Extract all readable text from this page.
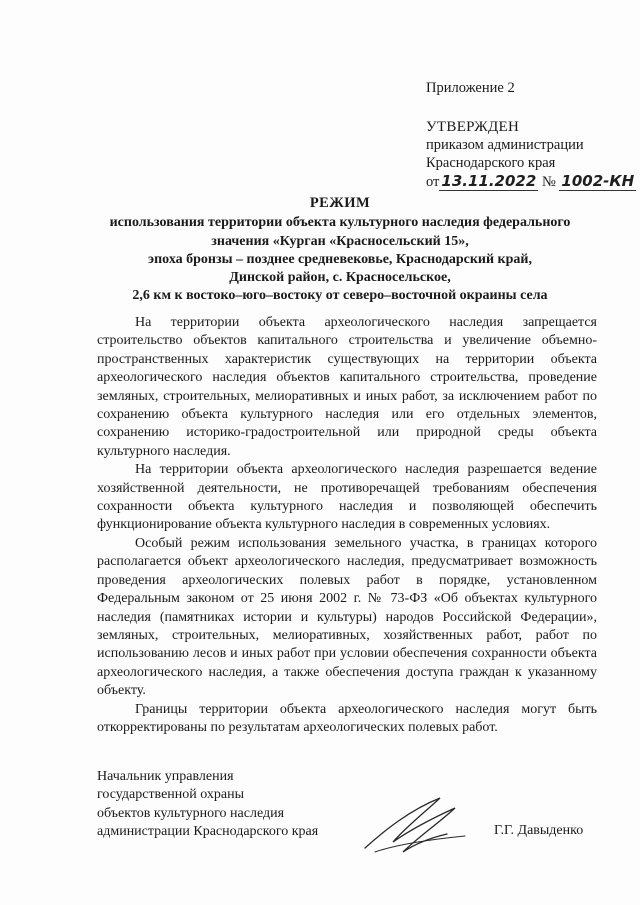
Приложение 2
УТВЕРЖДЕН
приказом администрации
Краснодарского края
от 13.11.2022 № 1002-КН
РЕЖИМ
использования территории объекта культурного наследия федерального
значения «Курган «Красносельский 15»,
эпоха бронзы – позднее средневековье, Краснодарский край,
Динской район, с. Красносельское,
2,6 км к востоко–юго–востоку от северо–восточной окраины села

На территории объекта археологического наследия запрещается строительство объектов капитального строительства и увеличение объемно-пространственных характеристик существующих на территории объекта археологического наследия объектов капитального строительства, проведение земляных, строительных, мелиоративных и иных работ, за исключением работ по сохранению объекта культурного наследия или его отдельных элементов, сохранению историко-градостроительной или природной среды объекта культурного наследия.

На территории объекта археологического наследия разрешается ведение хозяйственной деятельности, не противоречащей требованиям обеспечения сохранности объекта культурного наследия и позволяющей обеспечить функционирование объекта культурного наследия в современных условиях.

Особый режим использования земельного участка, в границах которого располагается объект археологического наследия, предусматривает возможность проведения археологических полевых работ в порядке, установленном Федеральным законом от 25 июня 2002 г. № 73-ФЗ «Об объектах культурного наследия (памятниках истории и культуры) народов Российской Федерации», земляных, строительных, мелиоративных, хозяйственных работ, работ по использованию лесов и иных работ при условии обеспечения сохранности объекта археологического наследия, а также обеспечения доступа граждан к указанному объекту.

Границы территории объекта археологического наследия могут быть откорректированы по результатам археологических полевых работ.

Начальник управления
государственной охраны
объектов культурного наследия
администрации Краснодарского края	Г.Г. Давыденко
